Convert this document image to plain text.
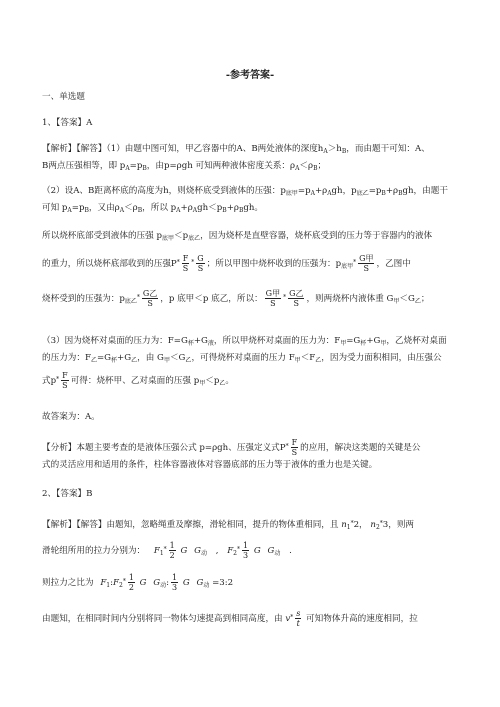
-参考答案-
一、单选题
1、【答案】A
【解析】【解答】（1）由题中图可知，甲乙容器中的A、B两处液体的深度$h_A>h_B$，而由题干可知：A、
B两点压强相等，即 $p_A=p_B$，由p=ρgh 可知两种液体密度关系：$\rho_A<\rho_B$；
（2）设A、B距离杯底的高度为h，则烧杯底受到液体的压强：$p_{底甲}=p_A+\rho_Agh$，$p_{底乙}=p_B+\rho_Bgh$，由题干
可知 $p_A=p_B$，又由$\rho_A<\rho_B$，所以 $p_A+\rho_Agh<p_B+\rho_Bgh$。
所以烧杯底部受到液体的压强 $p_{底甲}<p_{底乙}$，因为烧杯是直壁容器，烧杯底受到的压力等于容器内的液体
的重力，所以烧杯底部收到的压强$P^⁎ \frac{F}{S} ^⁎ \frac{G}{S}$ ；所以甲图中烧杯收到的压强为：$p_{底甲}^⁎ \frac{\text{G甲}}{S}$ ，乙图中
烧杯受到的压强为：$p_{底乙}^⁎ \frac{\text{G乙}}{S}$ ，p 底甲＜p 底乙，所以： $\frac{\text{G甲}}{S} ^⁎ \frac{\text{G乙}}{S}$ ，则两烧杯内液体重 $G_甲<G_乙$；
（3）因为烧杯对桌面的压力为：$F=G_杯+G_液$，所以甲烧杯对桌面的压力为：$F_甲=G_杯+G_甲$，乙烧杯对桌面
的压力为：$F_乙=G_杯+G_乙$，由 $G_甲<G_乙$，可得烧杯对桌面的压力 $F_甲<F_乙$，因为受力面积相同，由压强公
式$p^⁎ \frac{F}{S}$ 可得：烧杯甲、乙对桌面的压强 $p_甲<p_乙$。
故答案为：A。
【分析】本题主要考查的是液体压强公式 p=ρgh、压强定义式$P^⁎ \frac{F}{S}$ 的应用，解决这类题的关键是公
式的灵活应用和适用的条件，柱体容器液体对容器底部的压力等于液体的重力也是关键。
2、【答案】B
【解析】【解答】由题知，忽略绳重及摩擦，滑轮相同，提升的物体重相同，且 $n_1^⁎2$， $n_2^⁎3$，则两
滑轮组所用的拉力分别为： $F_1^⁎ \frac{1}{2}$ G $G_动$ , $F_2^⁎ \frac{1}{3}$ G $G_动$ .
则拉力之比为 $F_1:F_2^⁎ \frac{1}{2}$ G $G_动$: $\frac{1}{3}$ G $G_动$ =3:2
由题知，在相同时间内分别将同一物体匀速提高到相同高度，由 $v^⁎ \frac{s}{t}$ 可知物体升高的速度相同，拉
